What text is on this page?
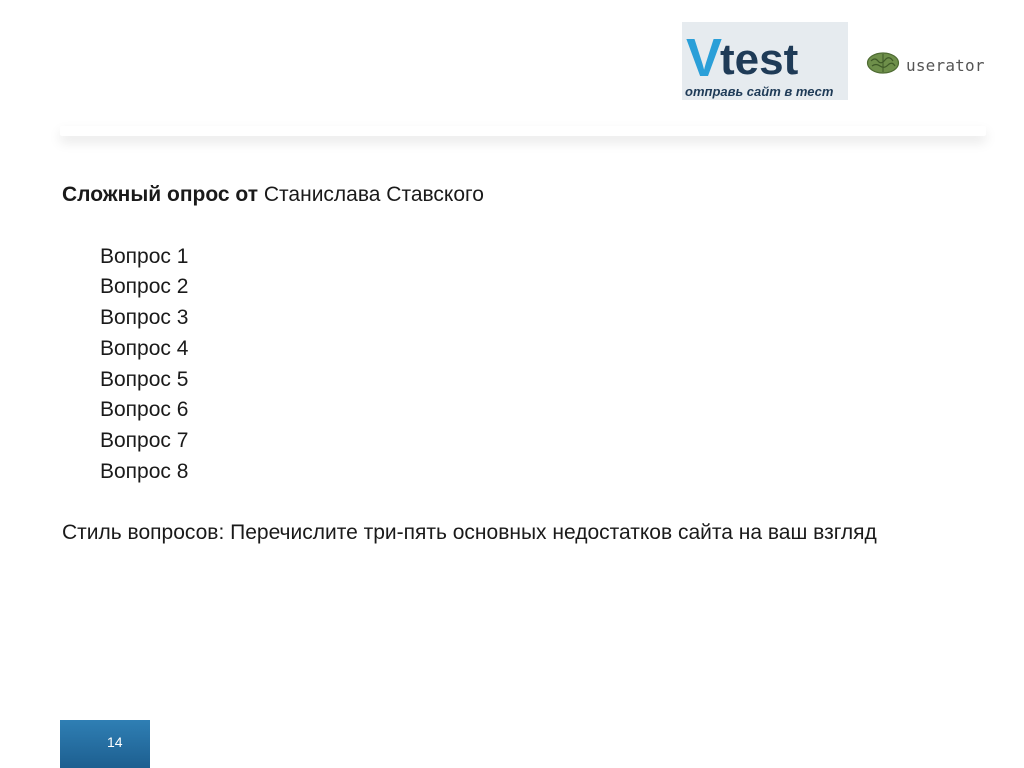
V
test
отправь сайт в тест
userator

Сложный опрос от Станислава Ставского

Вопрос 1
Вопрос 2
Вопрос 3
Вопрос 4
Вопрос 5
Вопрос 6
Вопрос 7
Вопрос 8

Стиль вопросов: Перечислите три-пять основных недостатков сайта на ваш взгляд

14
